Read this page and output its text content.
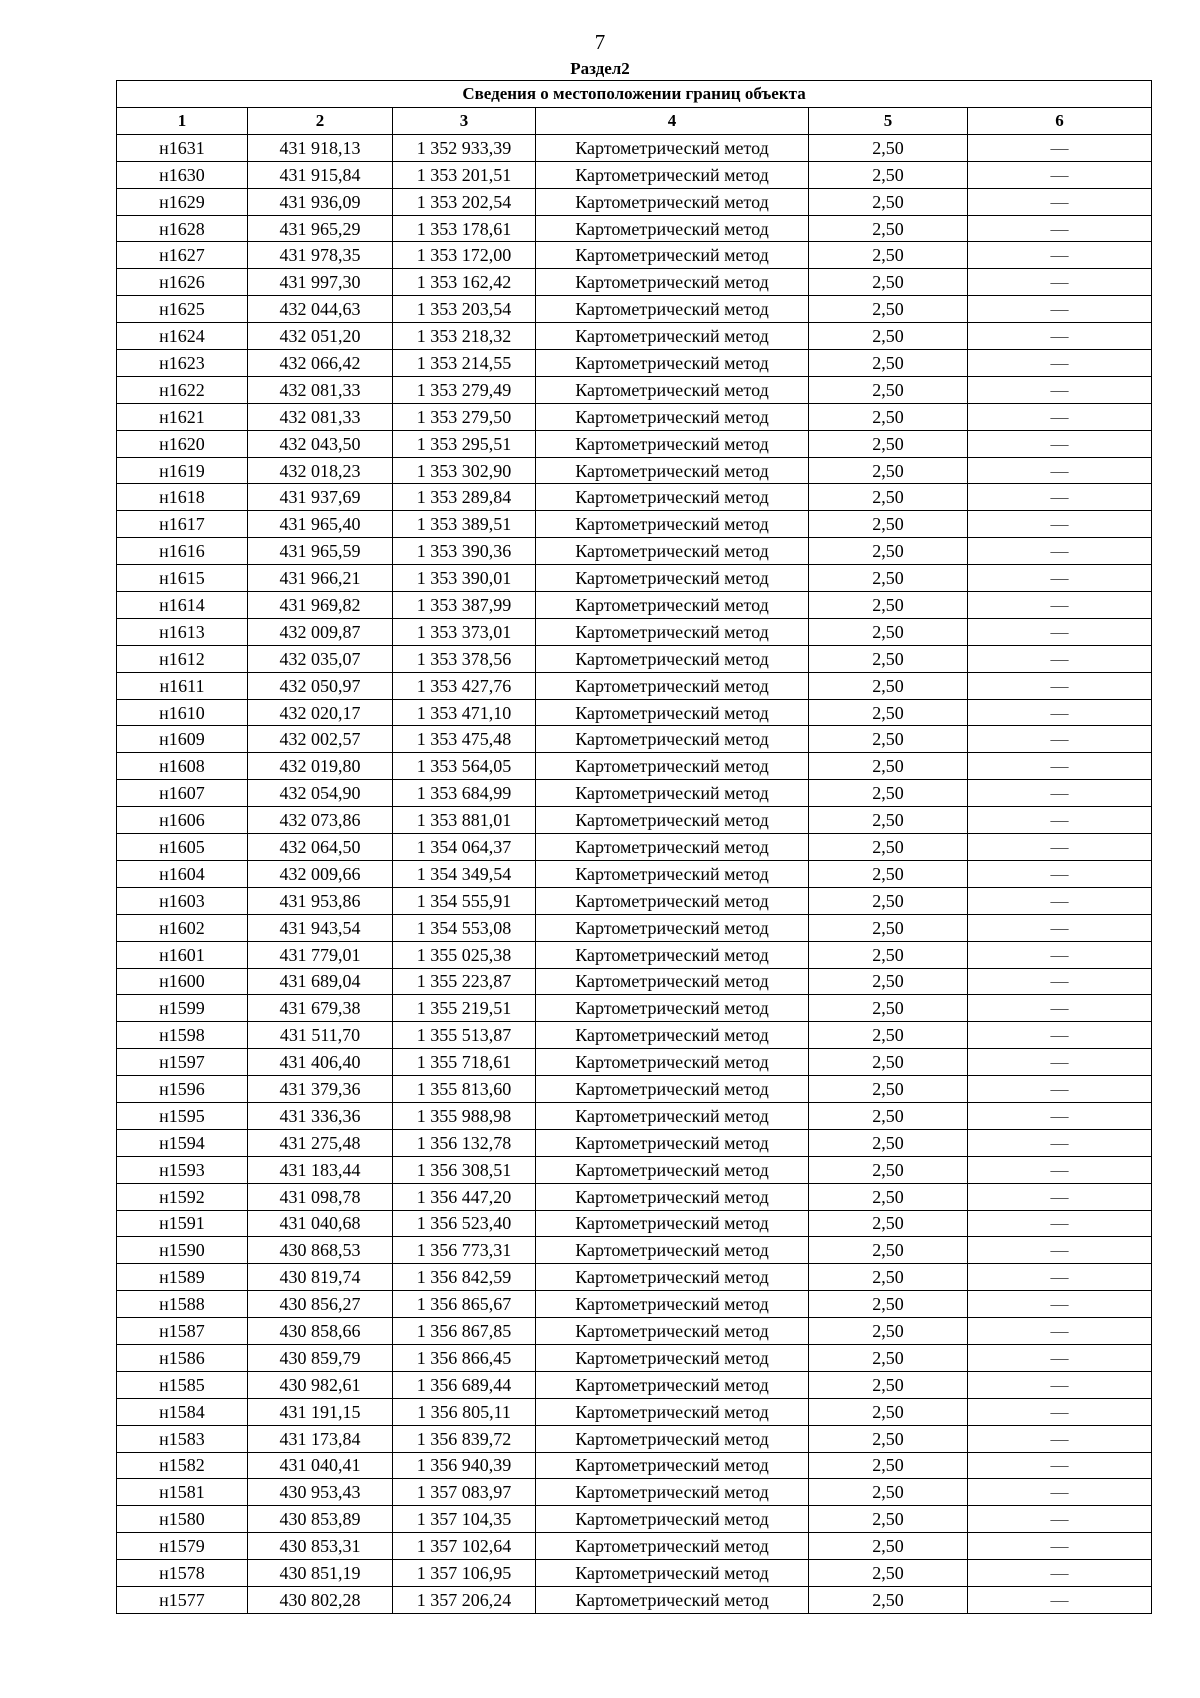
7
Раздел2
Сведения о местоположении границ объекта					
1	2	3	4	5	6
н1631	431 918,13	1 352 933,39	Картометрический метод	2,50	—
н1630	431 915,84	1 353 201,51	Картометрический метод	2,50	—
н1629	431 936,09	1 353 202,54	Картометрический метод	2,50	—
н1628	431 965,29	1 353 178,61	Картометрический метод	2,50	—
н1627	431 978,35	1 353 172,00	Картометрический метод	2,50	—
н1626	431 997,30	1 353 162,42	Картометрический метод	2,50	—
н1625	432 044,63	1 353 203,54	Картометрический метод	2,50	—
н1624	432 051,20	1 353 218,32	Картометрический метод	2,50	—
н1623	432 066,42	1 353 214,55	Картометрический метод	2,50	—
н1622	432 081,33	1 353 279,49	Картометрический метод	2,50	—
н1621	432 081,33	1 353 279,50	Картометрический метод	2,50	—
н1620	432 043,50	1 353 295,51	Картометрический метод	2,50	—
н1619	432 018,23	1 353 302,90	Картометрический метод	2,50	—
н1618	431 937,69	1 353 289,84	Картометрический метод	2,50	—
н1617	431 965,40	1 353 389,51	Картометрический метод	2,50	—
н1616	431 965,59	1 353 390,36	Картометрический метод	2,50	—
н1615	431 966,21	1 353 390,01	Картометрический метод	2,50	—
н1614	431 969,82	1 353 387,99	Картометрический метод	2,50	—
н1613	432 009,87	1 353 373,01	Картометрический метод	2,50	—
н1612	432 035,07	1 353 378,56	Картометрический метод	2,50	—
н1611	432 050,97	1 353 427,76	Картометрический метод	2,50	—
н1610	432 020,17	1 353 471,10	Картометрический метод	2,50	—
н1609	432 002,57	1 353 475,48	Картометрический метод	2,50	—
н1608	432 019,80	1 353 564,05	Картометрический метод	2,50	—
н1607	432 054,90	1 353 684,99	Картометрический метод	2,50	—
н1606	432 073,86	1 353 881,01	Картометрический метод	2,50	—
н1605	432 064,50	1 354 064,37	Картометрический метод	2,50	—
н1604	432 009,66	1 354 349,54	Картометрический метод	2,50	—
н1603	431 953,86	1 354 555,91	Картометрический метод	2,50	—
н1602	431 943,54	1 354 553,08	Картометрический метод	2,50	—
н1601	431 779,01	1 355 025,38	Картометрический метод	2,50	—
н1600	431 689,04	1 355 223,87	Картометрический метод	2,50	—
н1599	431 679,38	1 355 219,51	Картометрический метод	2,50	—
н1598	431 511,70	1 355 513,87	Картометрический метод	2,50	—
н1597	431 406,40	1 355 718,61	Картометрический метод	2,50	—
н1596	431 379,36	1 355 813,60	Картометрический метод	2,50	—
н1595	431 336,36	1 355 988,98	Картометрический метод	2,50	—
н1594	431 275,48	1 356 132,78	Картометрический метод	2,50	—
н1593	431 183,44	1 356 308,51	Картометрический метод	2,50	—
н1592	431 098,78	1 356 447,20	Картометрический метод	2,50	—
н1591	431 040,68	1 356 523,40	Картометрический метод	2,50	—
н1590	430 868,53	1 356 773,31	Картометрический метод	2,50	—
н1589	430 819,74	1 356 842,59	Картометрический метод	2,50	—
н1588	430 856,27	1 356 865,67	Картометрический метод	2,50	—
н1587	430 858,66	1 356 867,85	Картометрический метод	2,50	—
н1586	430 859,79	1 356 866,45	Картометрический метод	2,50	—
н1585	430 982,61	1 356 689,44	Картометрический метод	2,50	—
н1584	431 191,15	1 356 805,11	Картометрический метод	2,50	—
н1583	431 173,84	1 356 839,72	Картометрический метод	2,50	—
н1582	431 040,41	1 356 940,39	Картометрический метод	2,50	—
н1581	430 953,43	1 357 083,97	Картометрический метод	2,50	—
н1580	430 853,89	1 357 104,35	Картометрический метод	2,50	—
н1579	430 853,31	1 357 102,64	Картометрический метод	2,50	—
н1578	430 851,19	1 357 106,95	Картометрический метод	2,50	—
н1577	430 802,28	1 357 206,24	Картометрический метод	2,50	—
